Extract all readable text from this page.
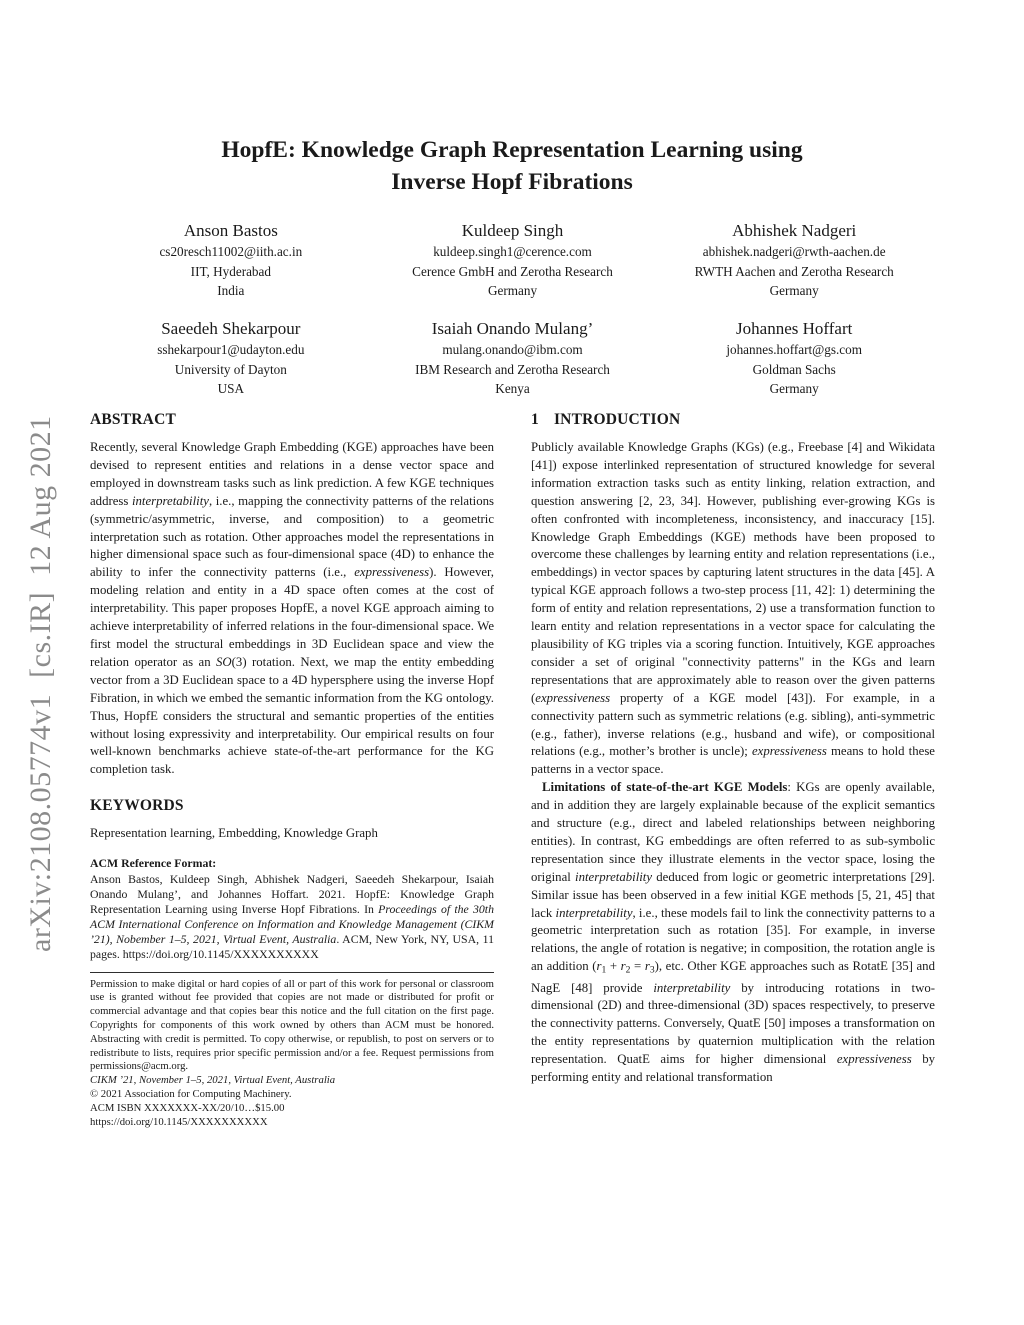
arXiv:2108.05774v1  [cs.IR]  12 Aug 2021
HopfE: Knowledge Graph Representation Learning using
Inverse Hopf Fibrations
Anson Bastos
cs20resch11002@iith.ac.in
IIT, Hyderabad
India
Kuldeep Singh
kuldeep.singh1@cerence.com
Cerence GmbH and Zerotha Research
Germany
Abhishek Nadgeri
abhishek.nadgeri@rwth-aachen.de
RWTH Aachen and Zerotha Research
Germany
Saeedeh Shekarpour
sshekarpour1@udayton.edu
University of Dayton
USA
Isaiah Onando Mulang’
mulang.onando@ibm.com
IBM Research and Zerotha Research
Kenya
Johannes Hoffart
johannes.hoffart@gs.com
Goldman Sachs
Germany
ABSTRACT

Recently, several Knowledge Graph Embedding (KGE) approaches have been devised to represent entities and relations in a dense vector space and employed in downstream tasks such as link prediction. A few KGE techniques address interpretability, i.e., mapping the connectivity patterns of the relations (symmetric/asymmetric, inverse, and composition) to a geometric interpretation such as rotation. Other approaches model the representations in higher dimensional space such as four-dimensional space (4D) to enhance the ability to infer the connectivity patterns (i.e., expressiveness). However, modeling relation and entity in a 4D space often comes at the cost of interpretability. This paper proposes HopfE, a novel KGE approach aiming to achieve interpretability of inferred relations in the four-dimensional space. We first model the structural embeddings in 3D Euclidean space and view the relation operator as an SO(3) rotation. Next, we map the entity embedding vector from a 3D Euclidean space to a 4D hypersphere using the inverse Hopf Fibration, in which we embed the semantic information from the KG ontology. Thus, HopfE considers the structural and semantic properties of the entities without losing expressivity and interpretability. Our empirical results on four well-known benchmarks achieve state-of-the-art performance for the KG completion task.

KEYWORDS

Representation learning, Embedding, Knowledge Graph

ACM Reference Format:

Anson Bastos, Kuldeep Singh, Abhishek Nadgeri, Saeedeh Shekarpour, Isaiah Onando Mulang’, and Johannes Hoffart. 2021. HopfE: Knowledge Graph Representation Learning using Inverse Hopf Fibrations. In Proceedings of the 30th ACM International Conference on Information and Knowledge Management (CIKM ’21), Nobember 1–5, 2021, Virtual Event, Australia. ACM, New York, NY, USA, 11 pages. https://doi.org/10.1145/XXXXXXXXXX

Permission to make digital or hard copies of all or part of this work for personal or classroom use is granted without fee provided that copies are not made or distributed for profit or commercial advantage and that copies bear this notice and the full citation on the first page. Copyrights for components of this work owned by others than ACM must be honored. Abstracting with credit is permitted. To copy otherwise, or republish, to post on servers or to redistribute to lists, requires prior specific permission and/or a fee. Request permissions from permissions@acm.org.

CIKM ’21, November 1–5, 2021, Virtual Event, Australia
© 2021 Association for Computing Machinery.
ACM ISBN XXXXXXX-XX/20/10…$15.00
https://doi.org/10.1145/XXXXXXXXXX
1 INTRODUCTION

Publicly available Knowledge Graphs (KGs) (e.g., Freebase [4] and Wikidata [41]) expose interlinked representation of structured knowledge for several information extraction tasks such as entity linking, relation extraction, and question answering [2, 23, 34]. However, publishing ever-growing KGs is often confronted with incompleteness, inconsistency, and inaccuracy [15]. Knowledge Graph Embeddings (KGE) methods have been proposed to overcome these challenges by learning entity and relation representations (i.e., embeddings) in vector spaces by capturing latent structures in the data [45]. A typical KGE approach follows a two-step process [11, 42]: 1) determining the form of entity and relation representations, 2) use a transformation function to learn entity and relation representations in a vector space for calculating the plausibility of KG triples via a scoring function. Intuitively, KGE approaches consider a set of original "connectivity patterns" in the KGs and learn representations that are approximately able to reason over the given patterns (expressiveness property of a KGE model [43]). For example, in a connectivity pattern such as symmetric relations (e.g. sibling), anti-symmetric (e.g., father), inverse relations (e.g., husband and wife), or compositional relations (e.g., mother’s brother is uncle); expressiveness means to hold these patterns in a vector space.

Limitations of state-of-the-art KGE Models: KGs are openly available, and in addition they are largely explainable because of the explicit semantics and structure (e.g., direct and labeled relationships between neighboring entities). In contrast, KG embeddings are often referred to as sub-symbolic representation since they illustrate elements in the vector space, losing the original interpretability deduced from logic or geometric interpretations [29]. Similar issue has been observed in a few initial KGE methods [5, 21, 45] that lack interpretability, i.e., these models fail to link the connectivity patterns to a geometric interpretation such as rotation [35]. For example, in inverse relations, the angle of rotation is negative; in composition, the rotation angle is an addition (r1 + r2 = r3), etc. Other KGE approaches such as RotatE [35] and NagE [48] provide interpretability by introducing rotations in two-dimensional (2D) and three-dimensional (3D) spaces respectively, to preserve the connectivity patterns. Conversely, QuatE [50] imposes a transformation on the entity representations by quaternion multiplication with the relation representation. QuatE aims for higher dimensional expressiveness by performing entity and relational transformation
